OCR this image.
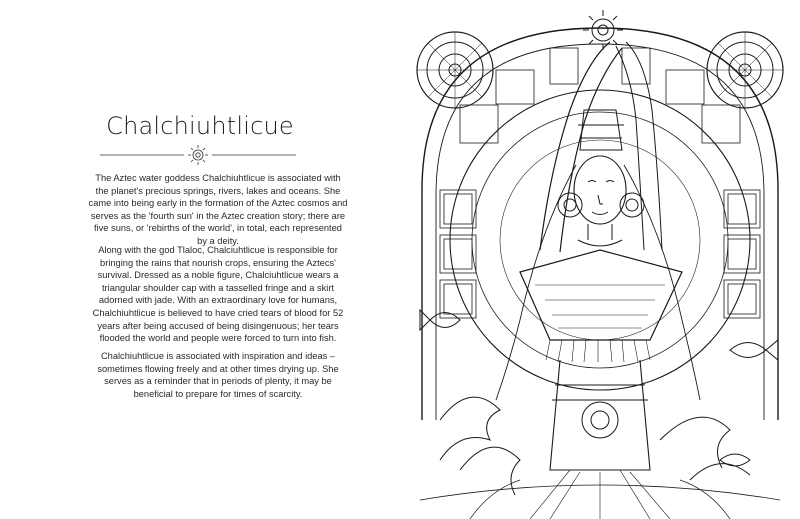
Chalchiuhtlicue
The Aztec water goddess Chalchiuhtlicue is associated with the planet's precious springs, rivers, lakes and oceans. She came into being early in the formation of the Aztec cosmos and serves as the 'fourth sun' in the Aztec creation story; there are five suns, or 'rebirths of the world', in total, each represented by a deity.
Along with the god Tlaloc, Chalciuhtlicue is responsible for bringing the rains that nourish crops, ensuring the Aztecs' survival. Dressed as a noble figure, Chalciuhtlicue wears a triangular shoulder cap with a tasselled fringe and a skirt adorned with jade. With an extraordinary love for humans, Chalchiuhtlicue is believed to have cried tears of blood for 52 years after being accused of being disingenuous; her tears flooded the world and people were forced to turn into fish.
Chalchiuhtlicue is associated with inspiration and ideas – sometimes flowing freely and at other times drying up. She serves as a reminder that in periods of plenty, it may be beneficial to prepare for times of scarcity.
